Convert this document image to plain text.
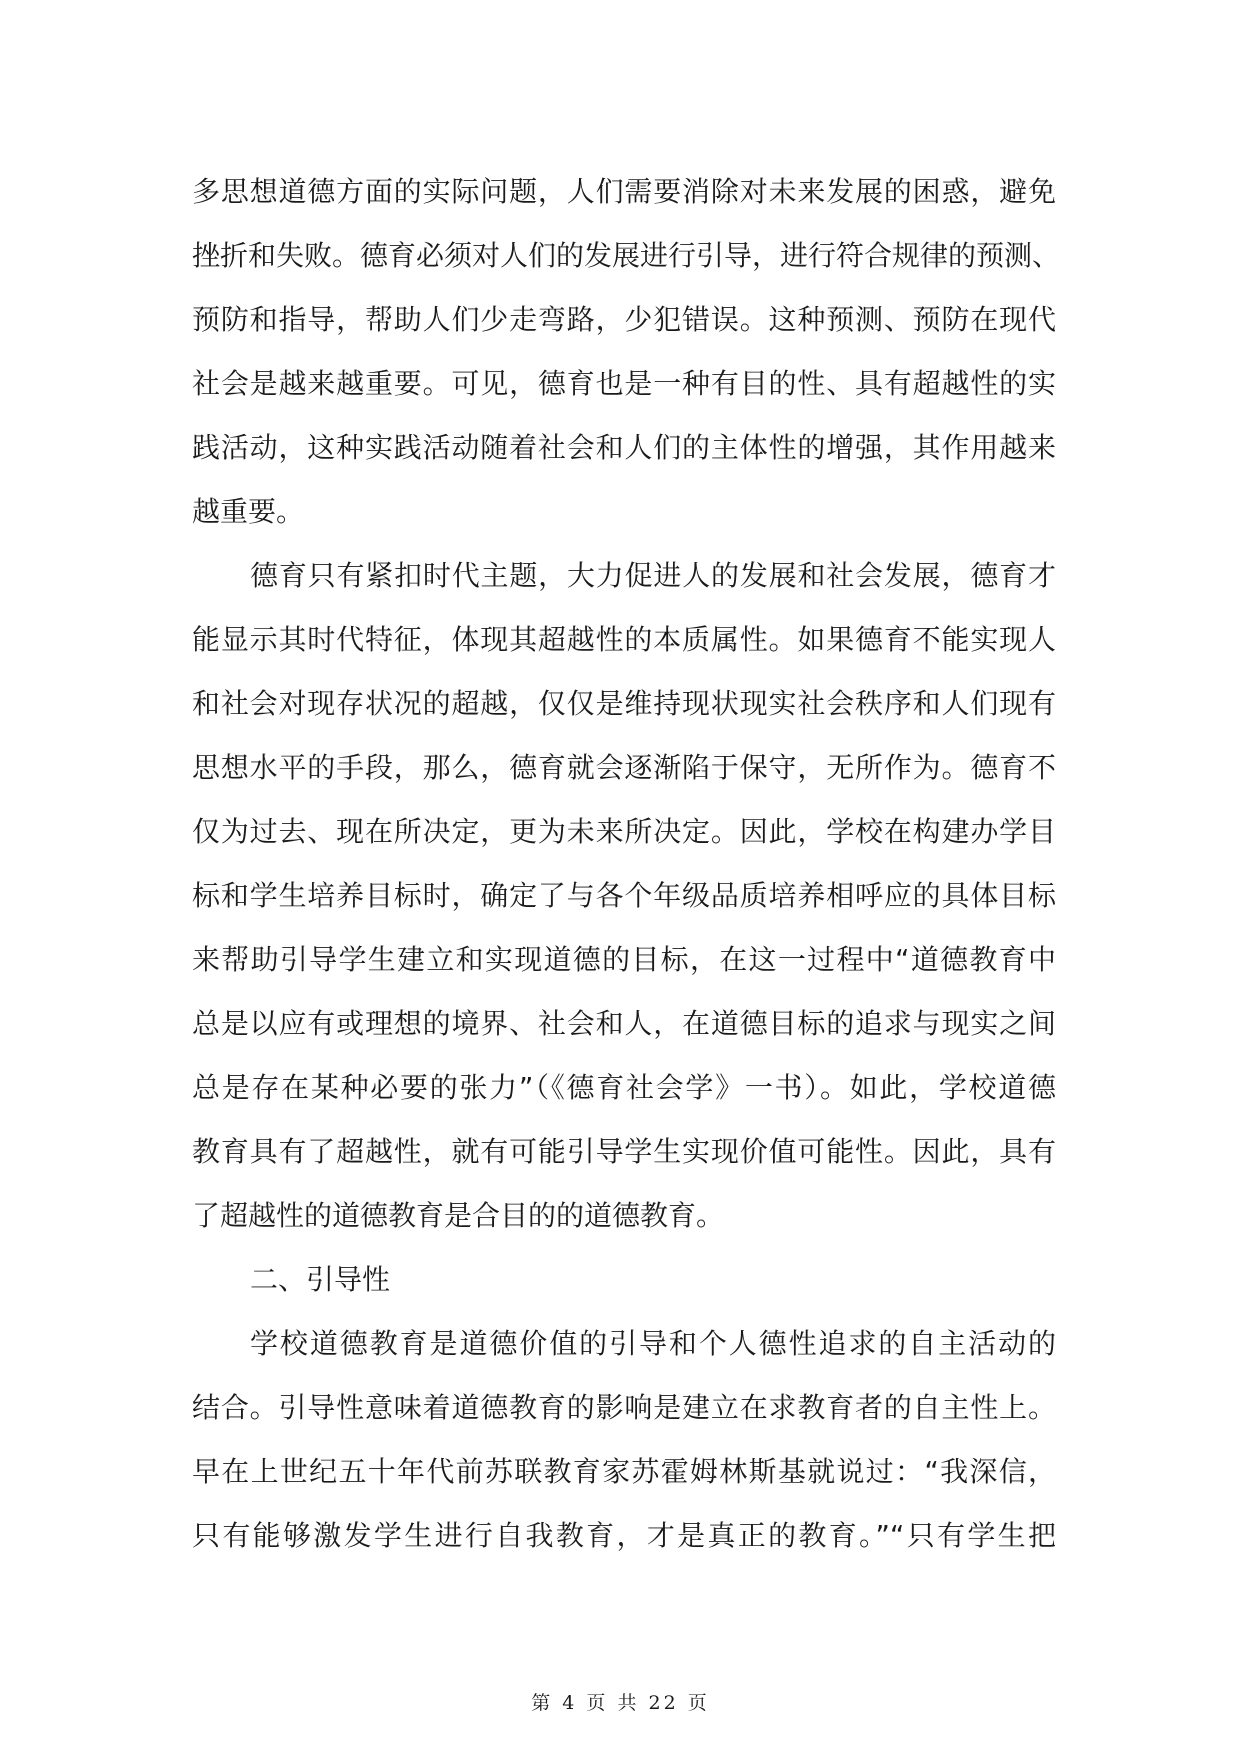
多思想道德方面的实际问题，人们需要消除对未来发展的困惑，避免
挫折和失败。德育必须对人们的发展进行引导，进行符合规律的预测、
预防和指导，帮助人们少走弯路，少犯错误。这种预测、预防在现代
社会是越来越重要。可见，德育也是一种有目的性、具有超越性的实
践活动，这种实践活动随着社会和人们的主体性的增强，其作用越来
越重要。
德育只有紧扣时代主题，大力促进人的发展和社会发展，德育才
能显示其时代特征，体现其超越性的本质属性。如果德育不能实现人
和社会对现存状况的超越，仅仅是维持现状现实社会秩序和人们现有
思想水平的手段，那么，德育就会逐渐陷于保守，无所作为。德育不
仅为过去、现在所决定，更为未来所决定。因此，学校在构建办学目
标和学生培养目标时，确定了与各个年级品质培养相呼应的具体目标
来帮助引导学生建立和实现道德的目标，在这一过程中“道德教育中
总是以应有或理想的境界、社会和人，在道德目标的追求与现实之间
总是存在某种必要的张力”（《德育社会学》一书）。如此，学校道德
教育具有了超越性，就有可能引导学生实现价值可能性。因此，具有
了超越性的道德教育是合目的的道德教育。
二、引导性
学校道德教育是道德价值的引导和个人德性追求的自主活动的
结合。引导性意味着道德教育的影响是建立在求教育者的自主性上。
早在上世纪五十年代前苏联教育家苏霍姆林斯基就说过：“我深信，
只有能够激发学生进行自我教育，才是真正的教育。”“只有学生把
第 4 页 共 22 页
